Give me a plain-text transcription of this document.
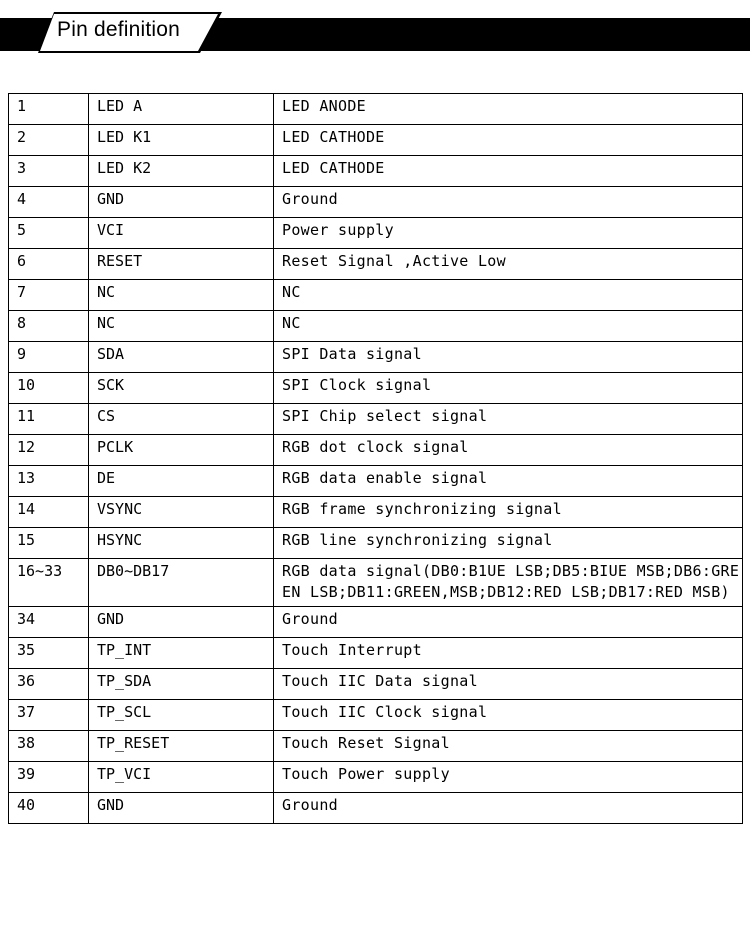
Pin definition
1	LED A	LED ANODE
2	LED K1	LED CATHODE
3	LED K2	LED CATHODE
4	GND	Ground
5	VCI	Power supply
6	RESET	Reset Signal ,Active Low
7	NC	NC
8	NC	NC
9	SDA	SPI Data signal
10	SCK	SPI Clock signal
11	CS	SPI Chip select signal
12	PCLK	RGB dot clock signal
13	DE	RGB data enable signal
14	VSYNC	RGB frame synchronizing signal
15	HSYNC	RGB line synchronizing signal
16~33	DB0~DB17	RGB data signal(DB0:B1UE LSB;DB5:BIUE MSB;DB6:GREEN LSB;DB11:GREEN,MSB;DB12:RED LSB;DB17:RED MSB)
34	GND	Ground
35	TP_INT	Touch Interrupt
36	TP_SDA	Touch IIC Data signal
37	TP_SCL	Touch IIC Clock signal
38	TP_RESET	Touch Reset Signal
39	TP_VCI	Touch Power supply
40	GND	Ground
